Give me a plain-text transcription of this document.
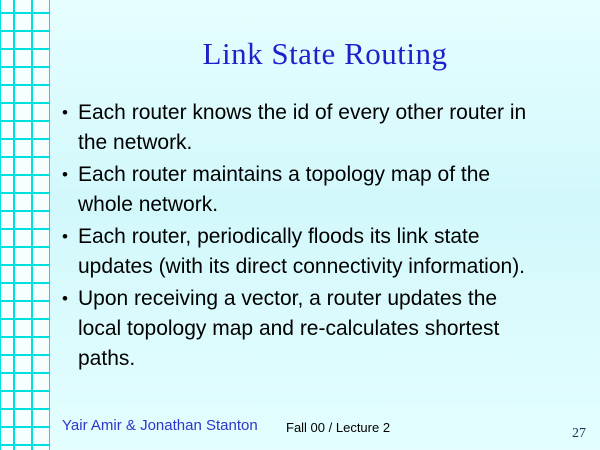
Link State Routing
• Each router knows the id of every other router in
the network.
• Each router maintains a topology map of the
whole network.
• Each router, periodically floods its link state
updates (with its direct connectivity information).
• Upon receiving a vector, a router updates the
local topology map and re-calculates shortest
paths.
Yair Amir & Jonathan Stanton Fall 00 / Lecture 2	27
